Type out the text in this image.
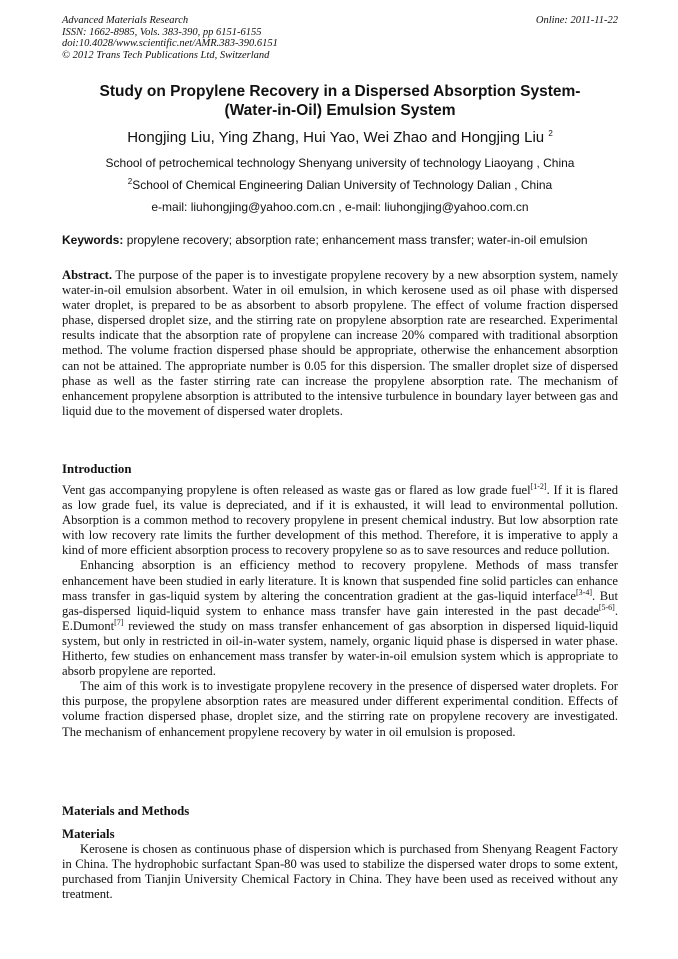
Advanced Materials Research
ISSN: 1662-8985, Vols. 383-390, pp 6151-6155
doi:10.4028/www.scientific.net/AMR.383-390.6151
© 2012 Trans Tech Publications Ltd, Switzerland
Online: 2011-11-22
Study on Propylene Recovery in a Dispersed Absorption System-
(Water-in-Oil) Emulsion System
Hongjing Liu, Ying Zhang, Hui Yao, Wei Zhao and Hongjing Liu $^2$
School of petrochemical technology Shenyang university of technology Liaoyang , China
$^2$School of Chemical Engineering Dalian University of Technology Dalian , China
e-mail: liuhongjing@yahoo.com.cn , e-mail: liuhongjing@yahoo.com.cn
Keywords: propylene recovery; absorption rate; enhancement mass transfer; water-in-oil emulsion

Abstract. The purpose of the paper is to investigate propylene recovery by a new absorption system, namely water-in-oil emulsion absorbent. Water in oil emulsion, in which kerosene used as oil phase with dispersed water droplet, is prepared to be as absorbent to absorb propylene. The effect of volume fraction dispersed phase, dispersed droplet size, and the stirring rate on propylene absorption rate are researched. Experimental results indicate that the absorption rate of propylene can increase 20% compared with traditional absorption method. The volume fraction dispersed phase should be appropriate, otherwise the enhancement absorption can not be attained. The appropriate number is 0.05 for this dispersion. The smaller droplet size of dispersed phase as well as the faster stirring rate can increase the propylene absorption rate. The mechanism of enhancement propylene absorption is attributed to the intensive turbulence in boundary layer between gas and liquid due to the movement of dispersed water droplets.

Introduction

Vent gas accompanying propylene is often released as waste gas or flared as low grade fuel[1-2]. If it is flared as low grade fuel, its value is depreciated, and if it is exhausted, it will lead to environmental pollution. Absorption is a common method to recovery propylene in present chemical industry. But low absorption rate with low recovery rate limits the further development of this method. Therefore, it is imperative to apply a kind of more efficient absorption process to recovery propylene so as to save resources and reduce pollution.

Enhancing absorption is an efficiency method to recovery propylene. Methods of mass transfer enhancement have been studied in early literature. It is known that suspended fine solid particles can enhance mass transfer in gas-liquid system by altering the concentration gradient at the gas-liquid interface[3-4]. But gas-dispersed liquid-liquid system to enhance mass transfer have gain interested in the past decade[5-6]. E.Dumont[7] reviewed the study on mass transfer enhancement of gas absorption in dispersed liquid-liquid system, but only in restricted in oil-in-water system, namely, organic liquid phase is dispersed in water phase. Hitherto, few studies on enhancement mass transfer by water-in-oil emulsion system which is appropriate to absorb propylene are reported.

The aim of this work is to investigate propylene recovery in the presence of dispersed water droplets. For this purpose, the propylene absorption rates are measured under different experimental condition. Effects of volume fraction dispersed phase, droplet size, and the stirring rate on propylene recovery are investigated. The mechanism of enhancement propylene recovery by water in oil emulsion is proposed.

Materials and Methods
Materials

Kerosene is chosen as continuous phase of dispersion which is purchased from Shenyang Reagent Factory in China. The hydrophobic surfactant Span-80 was used to stabilize the dispersed water drops to some extent, purchased from Tianjin University Chemical Factory in China. They have been used as received without any treatment.
